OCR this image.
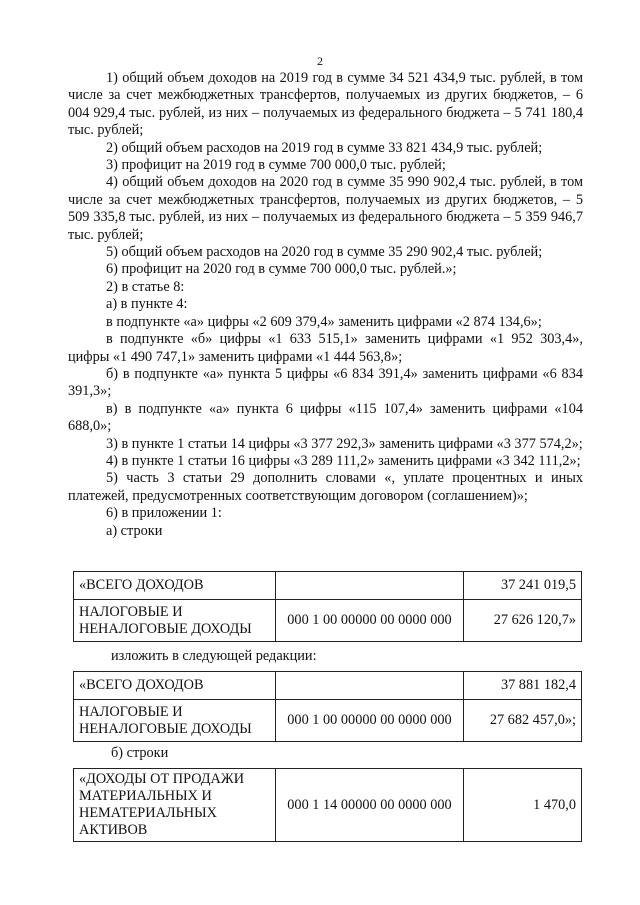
2

1) общий объем доходов на 2019 год в сумме 34 521 434,9 тыс. рублей, в том числе за счет межбюджетных трансфертов, получаемых из других бюджетов, – 6 004 929,4 тыс. рублей, из них – получаемых из федерального бюджета – 5 741 180,4 тыс. рублей;

2) общий объем расходов на 2019 год в сумме 33 821 434,9 тыс. рублей;

3) профицит на 2019 год в сумме 700 000,0 тыс. рублей;

4) общий объем доходов на 2020 год в сумме 35 990 902,4 тыс. рублей, в том числе за счет межбюджетных трансфертов, получаемых из других бюджетов, – 5 509 335,8 тыс. рублей, из них – получаемых из федерального бюджета – 5 359 946,7 тыс. рублей;

5) общий объем расходов на 2020 год в сумме 35 290 902,4 тыс. рублей;

6) профицит на 2020 год в сумме 700 000,0 тыс. рублей.»;

2) в статье 8:

а) в пункте 4:

в подпункте «а» цифры «2 609 379,4» заменить цифрами «2 874 134,6»;

в подпункте «б» цифры «1 633 515,1» заменить цифрами «1 952 303,4», цифры «1 490 747,1» заменить цифрами «1 444 563,8»;

б) в подпункте «а» пункта 5 цифры «6 834 391,4» заменить цифрами «6 834 391,3»;

в) в подпункте «а» пункта 6 цифры «115 107,4» заменить цифрами «104 688,0»;

3) в пункте 1 статьи 14 цифры «3 377 292,3» заменить цифрами «3 377 574,2»;

4) в пункте 1 статьи 16 цифры «3 289 111,2» заменить цифрами «3 342 111,2»;

5) часть 3 статьи 29 дополнить словами «, уплате процентных и иных платежей, предусмотренных соответствующим договором (соглашением)»;

6) в приложении 1:

а) строки

«ВСЕГО ДОХОДОВ		37 241 019,5
НАЛОГОВЫЕ И НЕНАЛОГОВЫЕ ДОХОДЫ	000 1 00 00000 00 0000 000	27 626 120,7»
изложить в следующей редакции:
«ВСЕГО ДОХОДОВ		37 881 182,4
НАЛОГОВЫЕ И НЕНАЛОГОВЫЕ ДОХОДЫ	000 1 00 00000 00 0000 000	27 682 457,0»;
б) строки
«ДОХОДЫ ОТ ПРОДАЖИ МАТЕРИАЛЬНЫХ И НЕМАТЕРИАЛЬНЫХ АКТИВОВ	000 1 14 00000 00 0000 000	1 470,0
